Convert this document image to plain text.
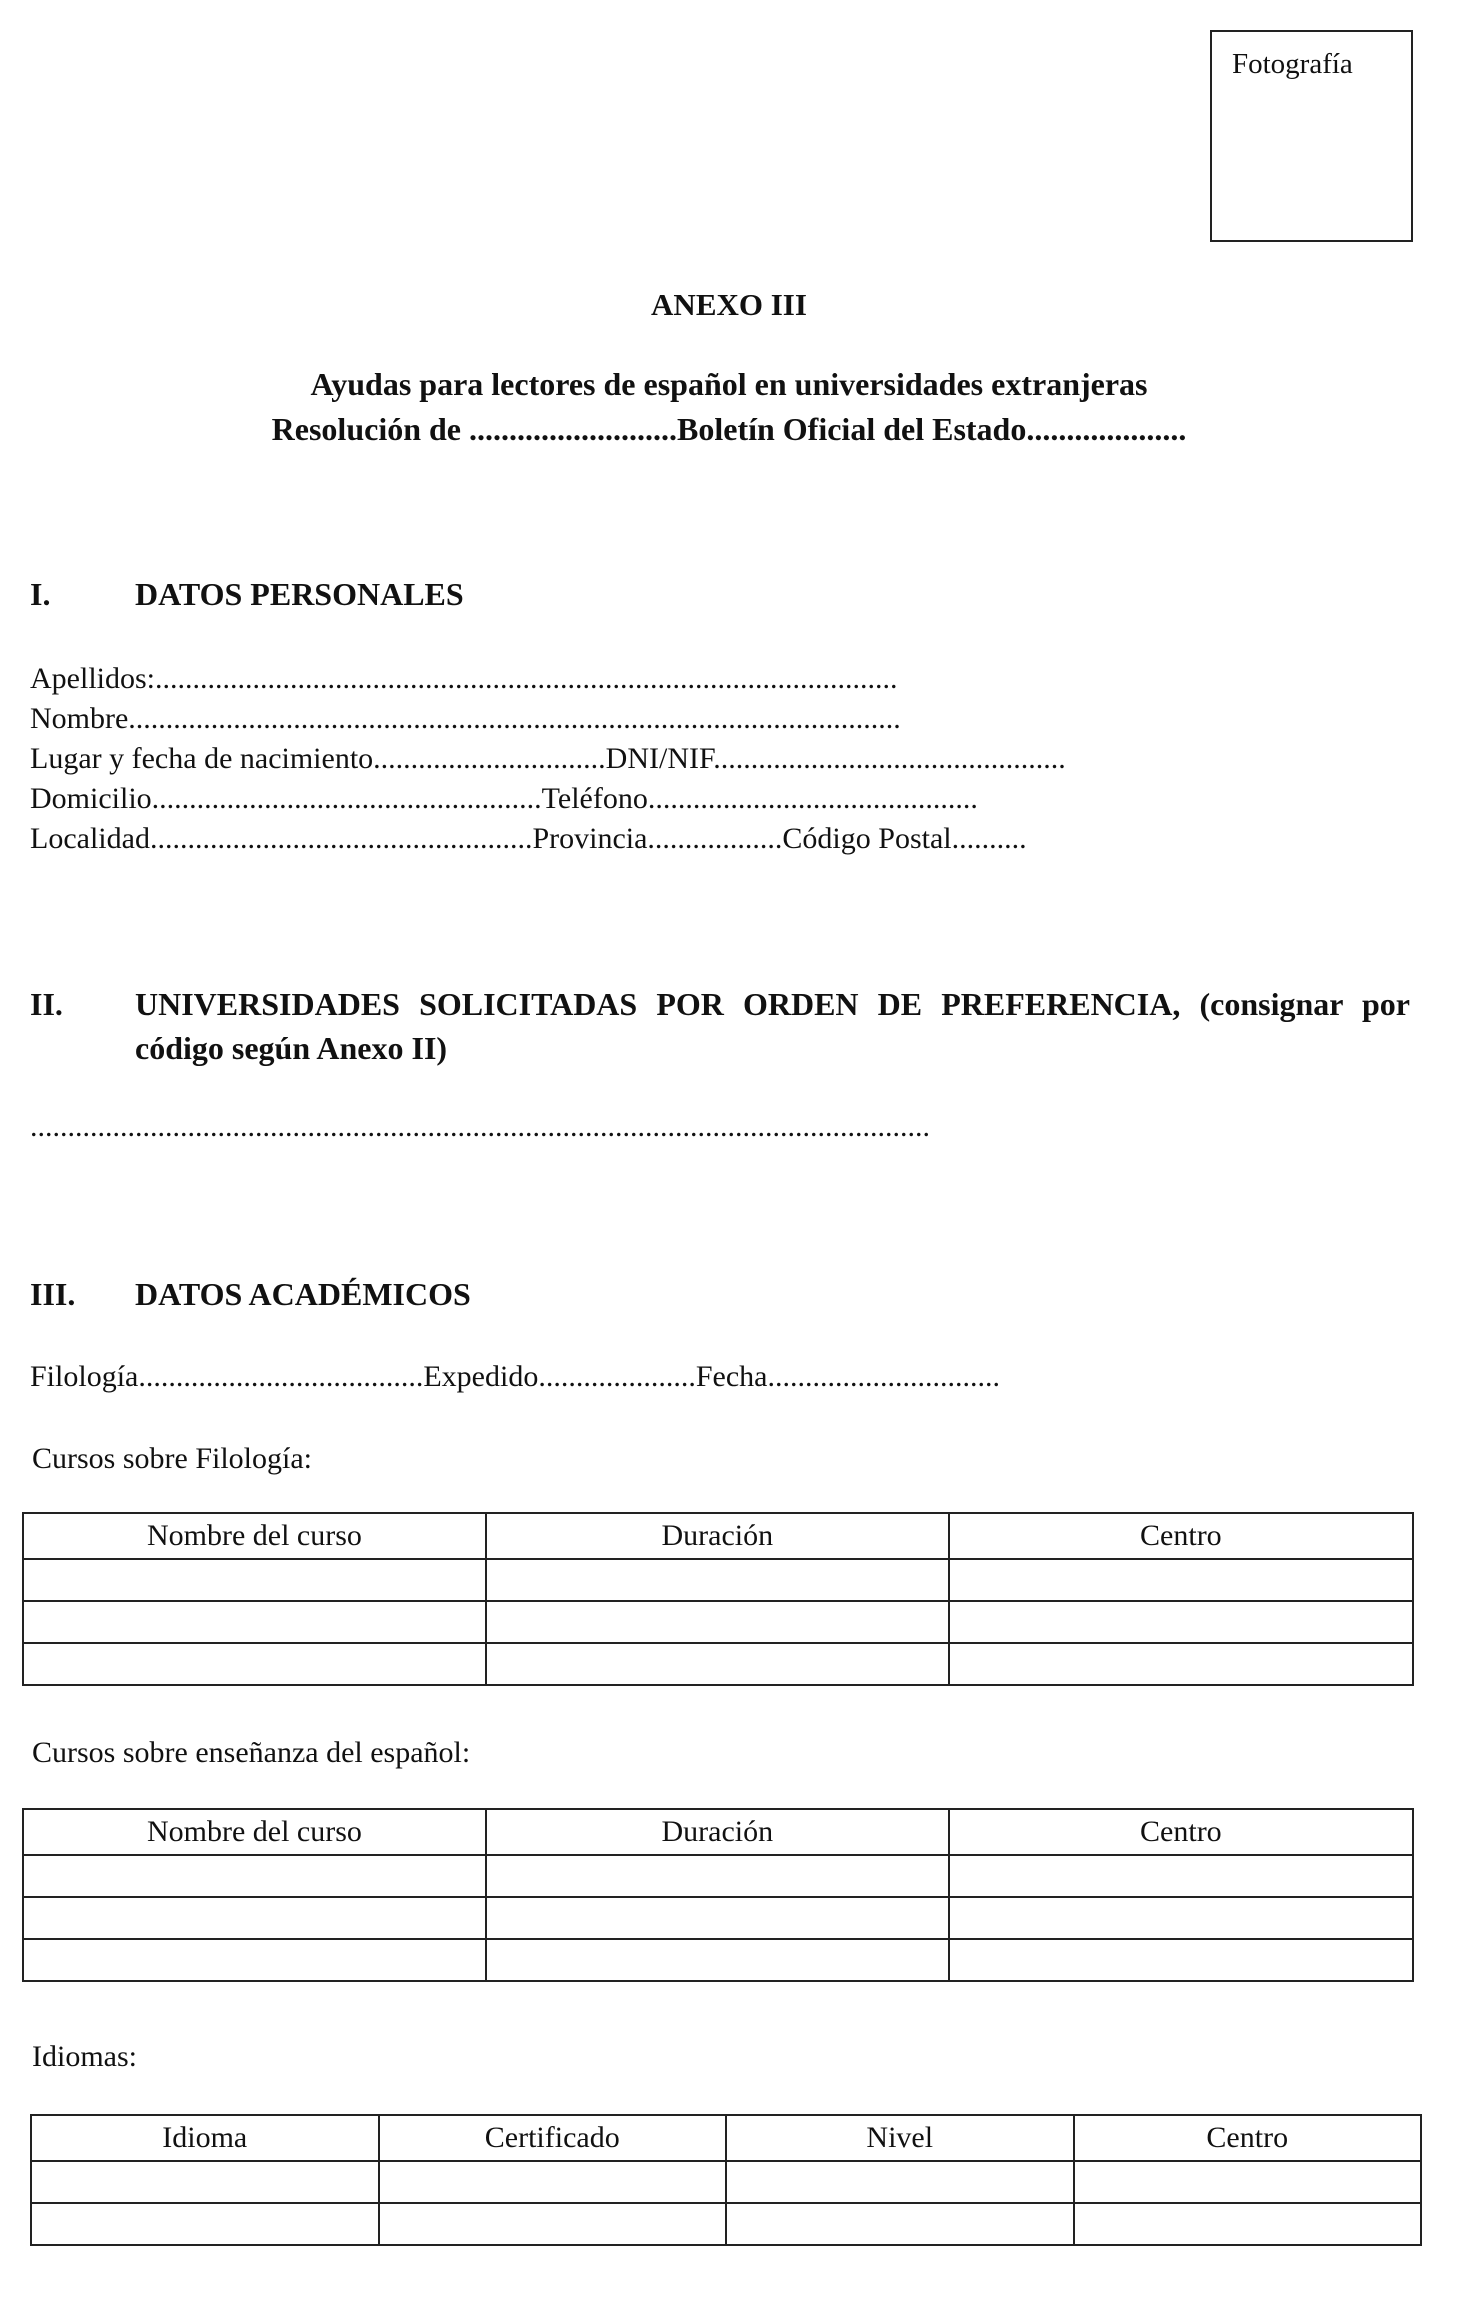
Fotografía
ANEXO III
Ayudas para lectores de español en universidades extranjeras
Resolución de ..........................Boletín Oficial del Estado....................
I.	DATOS PERSONALES
Apellidos:...................................................................................................
Nombre.......................................................................................................
Lugar y fecha de nacimiento...............................DNI/NIF...............................................
Domicilio....................................................Teléfono............................................
Localidad...................................................Provincia..................Código Postal..........
II. UNIVERSIDADES SOLICITADAS POR ORDEN DE PREFERENCIA, (consignar por código según Anexo II)
........................................................................................................................
III. DATOS ACADÉMICOS
Filología......................................Expedido.....................Fecha...............................
Cursos sobre Filología:
Nombre del curso	Duración	Centro

Cursos sobre enseñanza del español:
Nombre del curso	Duración	Centro

Idiomas:
Idioma	Certificado	Nivel	Centro
